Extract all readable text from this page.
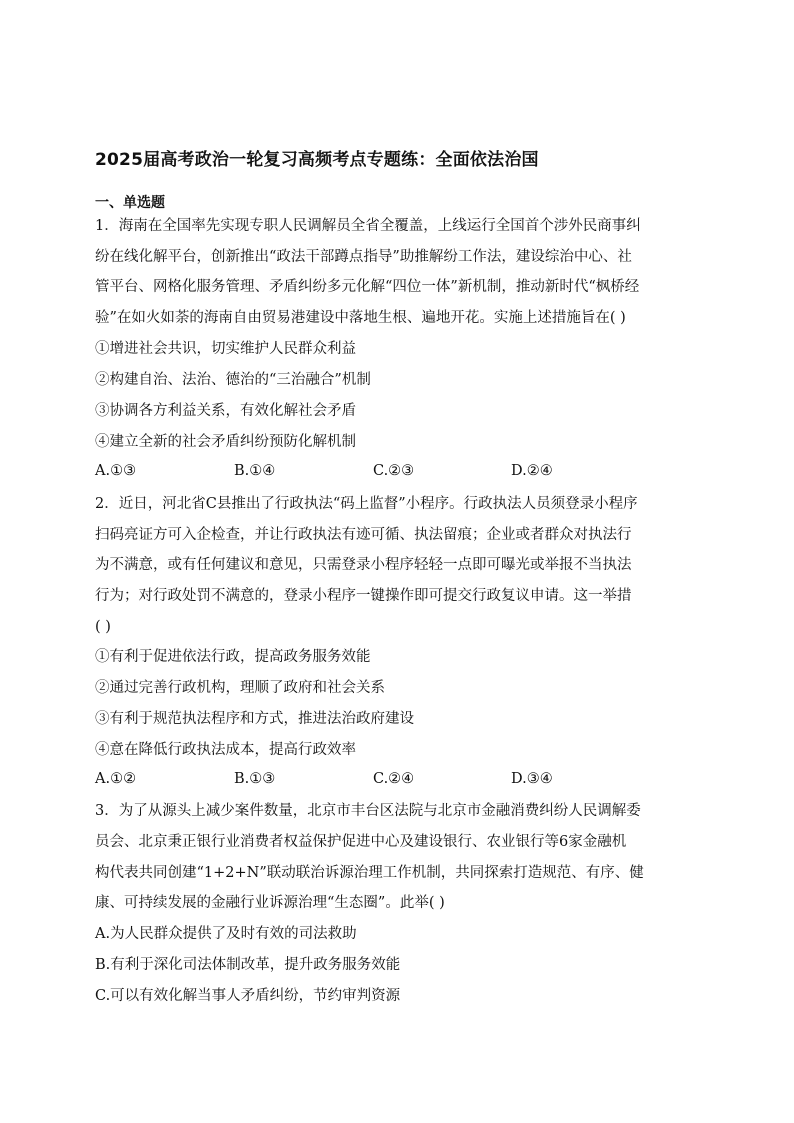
2025届高考政治一轮复习高频考点专题练：全面依法治国
一、单选题
1．海南在全国率先实现专职人民调解员全省全覆盖，上线运行全国首个涉外民商事纠
纷在线化解平台，创新推出“政法干部蹲点指导”助推解纷工作法，建设综治中心、社
管平台、网格化服务管理、矛盾纠纷多元化解“四位一体”新机制，推动新时代“枫桥经
验”在如火如荼的海南自由贸易港建设中落地生根、遍地开花。实施上述措施旨在( )
①增进社会共识，切实维护人民群众利益
②构建自治、法治、德治的“三治融合”机制
③协调各方利益关系，有效化解社会矛盾
④建立全新的社会矛盾纠纷预防化解机制
A.①③	B.①④	C.②③	D.②④
2．近日，河北省C县推出了行政执法“码上监督”小程序。行政执法人员须登录小程序
扫码亮证方可入企检查，并让行政执法有迹可循、执法留痕；企业或者群众对执法行
为不满意，或有任何建议和意见，只需登录小程序轻轻一点即可曝光或举报不当执法
行为；对行政处罚不满意的，登录小程序一键操作即可提交行政复议申请。这一举措
( )
①有利于促进依法行政，提高政务服务效能
②通过完善行政机构，理顺了政府和社会关系
③有利于规范执法程序和方式，推进法治政府建设
④意在降低行政执法成本，提高行政效率
A.①②	B.①③	C.②④	D.③④
3．为了从源头上减少案件数量，北京市丰台区法院与北京市金融消费纠纷人民调解委
员会、北京秉正银行业消费者权益保护促进中心及建设银行、农业银行等6家金融机
构代表共同创建“1+2+N”联动联治诉源治理工作机制，共同探索打造规范、有序、健
康、可持续发展的金融行业诉源治理“生态圈”。此举( )
A.为人民群众提供了及时有效的司法救助
B.有利于深化司法体制改革，提升政务服务效能
C.可以有效化解当事人矛盾纠纷，节约审判资源
